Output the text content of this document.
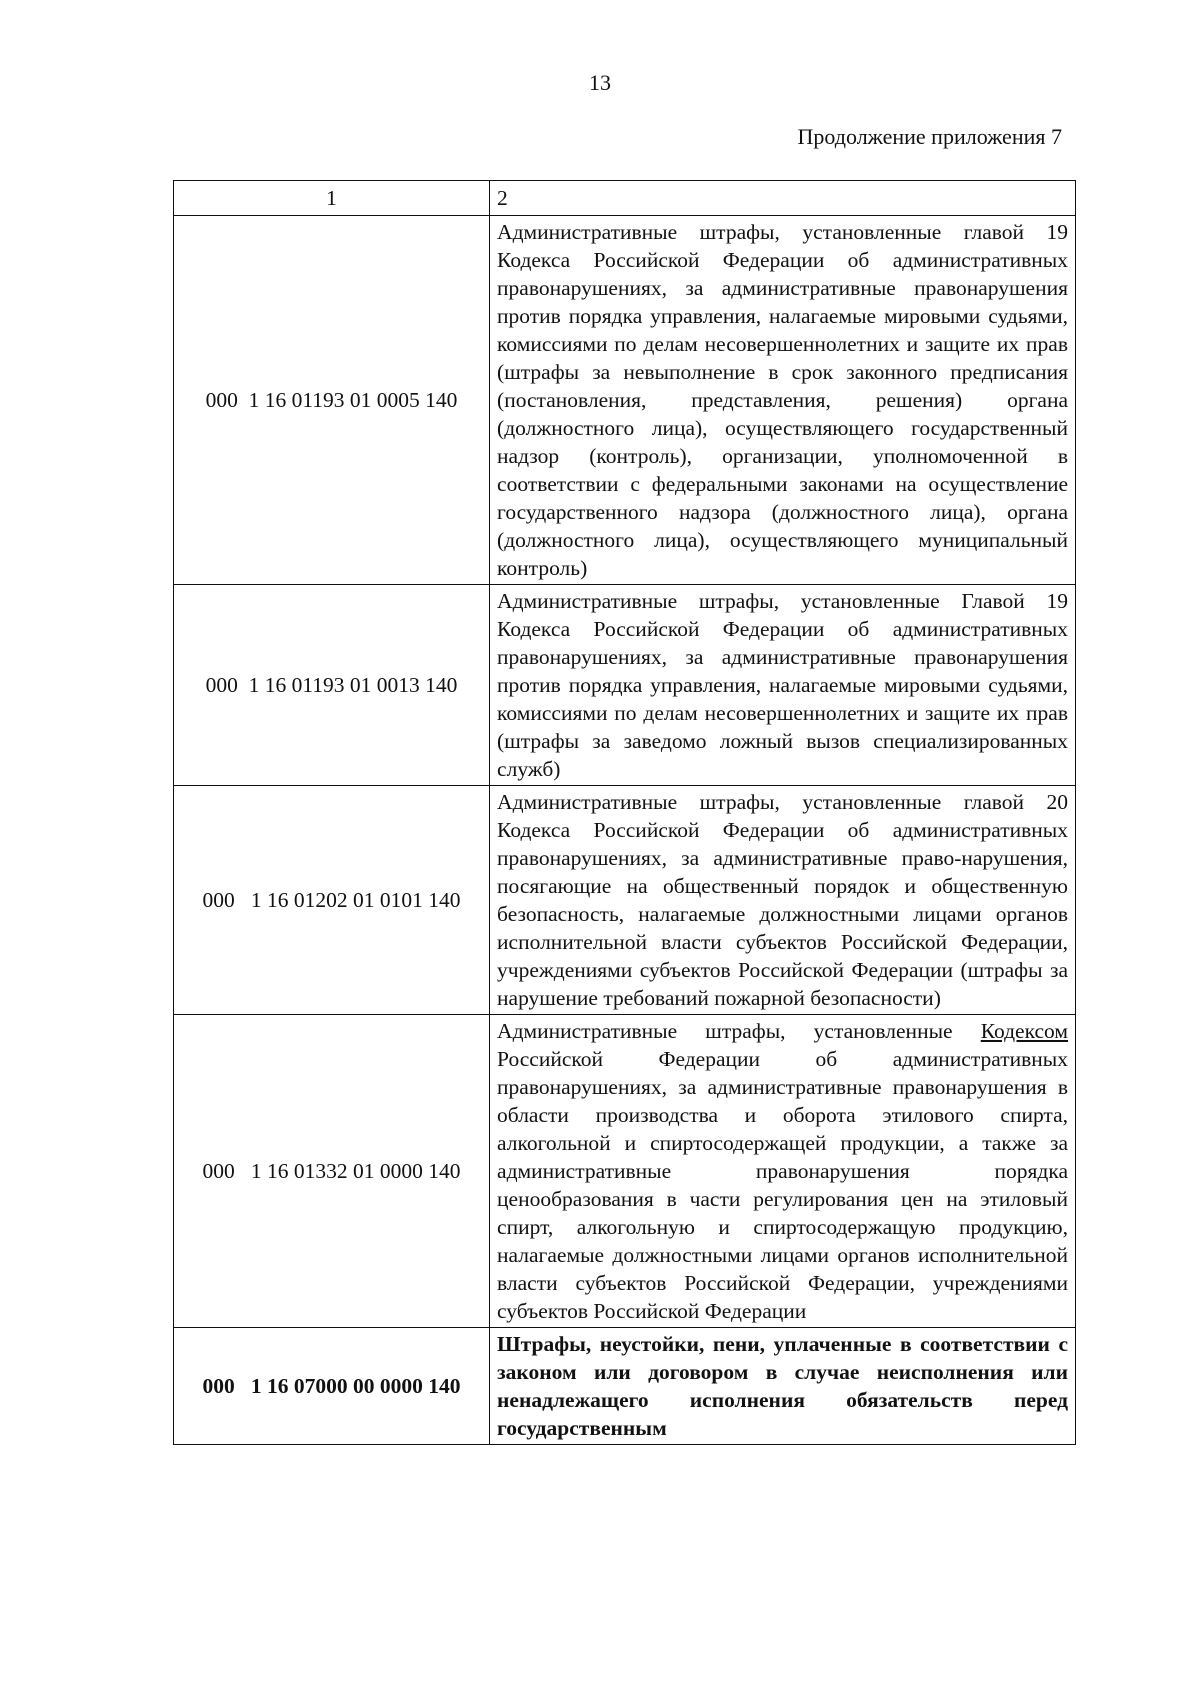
13
Продолжение приложения 7
1	2
000  1 16 01193 01 0005 140	Административные штрафы, установленные главой 19 Кодекса Российской Федерации об административных правонарушениях, за административные правонарушения против порядка управления, налагаемые мировыми судьями, комиссиями по делам несовершеннолетних и защите их прав (штрафы за невыполнение в срок законного предписания (постановления, представления, решения) органа (должностного лица), осуществляющего государственный надзор (контроль), организации, уполномоченной в соответствии с федеральными законами на осуществление государственного надзора (должностного лица), органа (должностного лица), осуществляющего муниципальный контроль)
000  1 16 01193 01 0013 140	Административные штрафы, установленные Главой 19 Кодекса Российской Федерации об административных правонарушениях, за административные правонарушения против порядка управления, налагаемые мировыми судьями, комиссиями по делам несовершеннолетних и защите их прав (штрафы за заведомо ложный вызов специализированных служб)
000   1 16 01202 01 0101 140	Административные штрафы, установленные главой 20 Кодекса Российской Федерации об административных правонарушениях, за административные право-нарушения, посягающие на общественный порядок и общественную безопасность, налагаемые должностными лицами органов исполнительной власти субъектов Российской Федерации, учреждениями субъектов Российской Федерации (штрафы за нарушение требований пожарной безопасности)
000   1 16 01332 01 0000 140	Административные штрафы, установленные Кодексом Российской Федерации об административных правонарушениях, за административные правонарушения в области производства и оборота этилового спирта, алкогольной и спиртосодержащей продукции, а также за административные правонарушения порядка ценообразования в части регулирования цен на этиловый спирт, алкогольную и спиртосодержащую продукцию, налагаемые должностными лицами органов исполнительной власти субъектов Российской Федерации, учреждениями субъектов Российской Федерации
000   1 16 07000 00 0000 140	Штрафы, неустойки, пени, уплаченные в соответствии с законом или договором в случае неисполнения или ненадлежащего исполнения обязательств перед государственным
